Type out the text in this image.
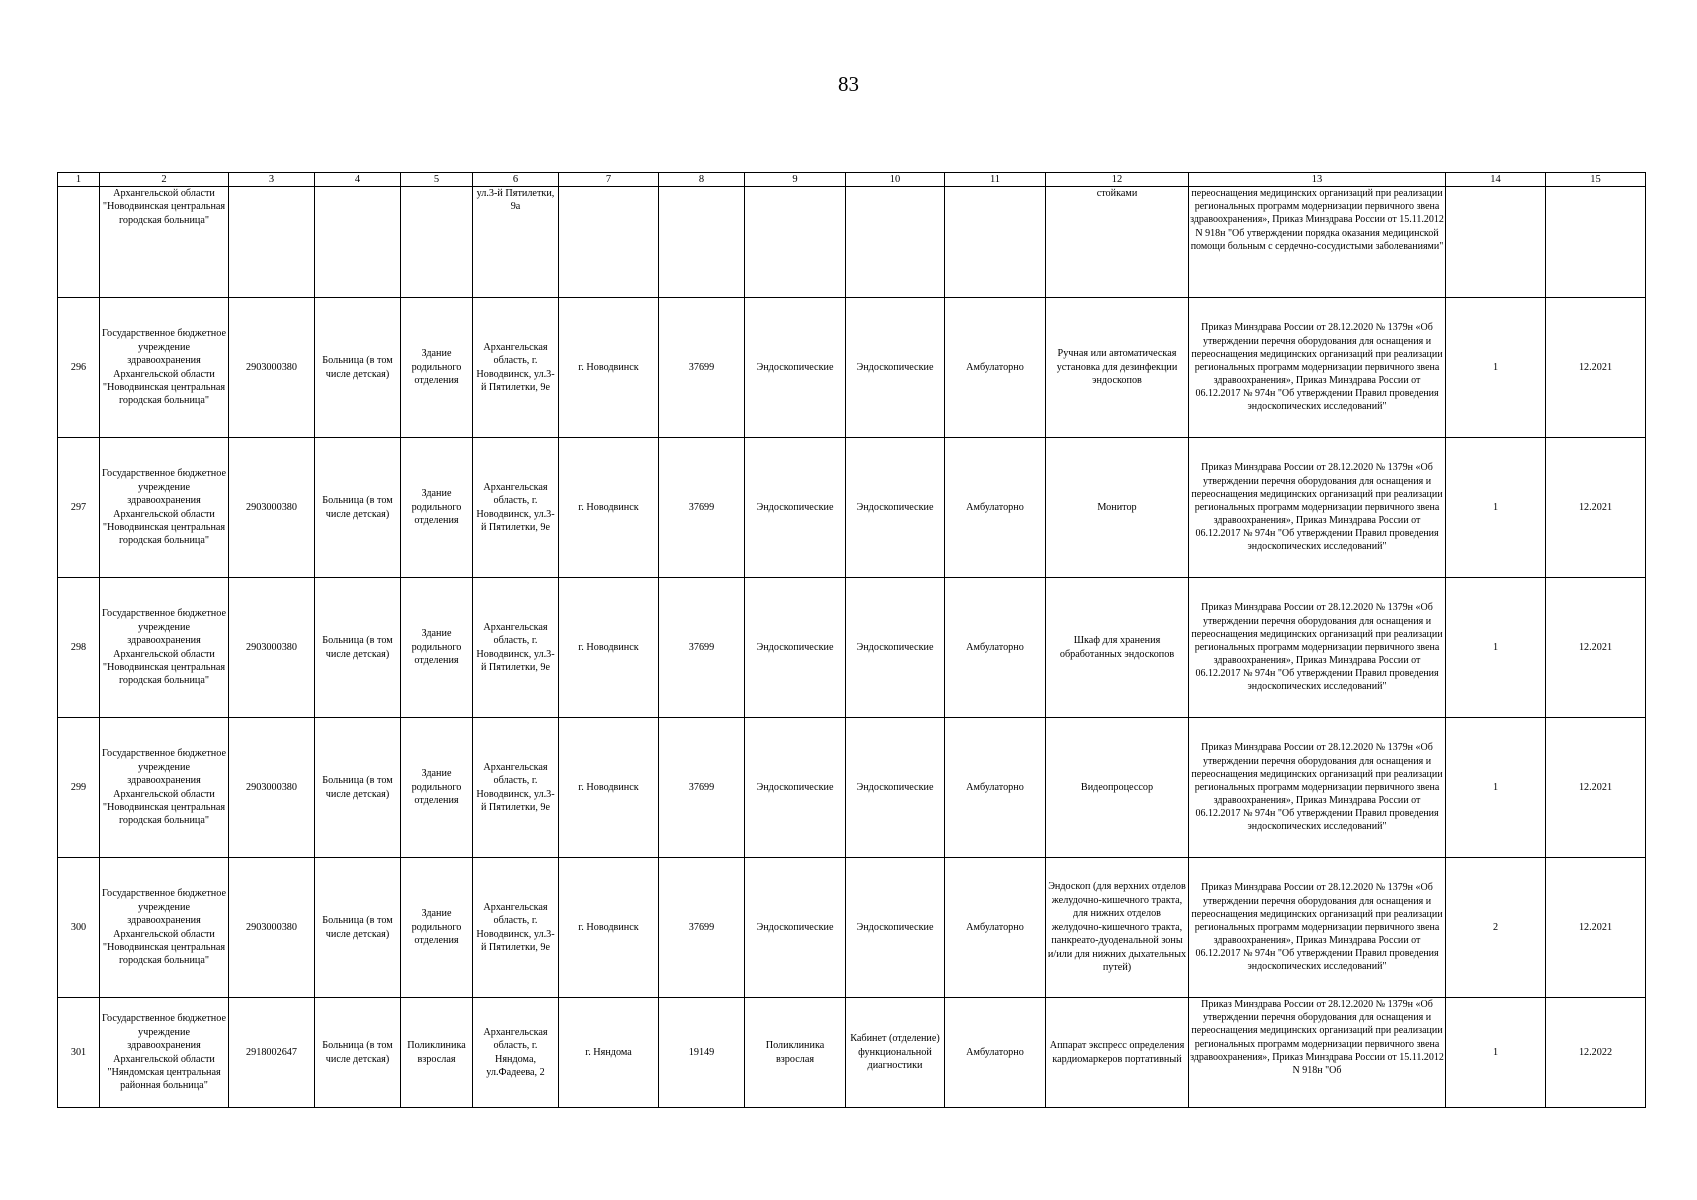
83
1	2	3	4	5	6	7	8	9	10	11	12	13	14	15
	Архангельской области "Новодвинская центральная городская больница"				ул.3-й Пятилетки, 9а						стойками	переоснащения медицинских организаций при реализации региональных программ модернизации первичного звена здравоохранения», Приказ Минздрава России от 15.11.2012 N 918н "Об утверждении порядка оказания медицинской помощи больным с сердечно-сосудистыми заболеваниями"		
296	Государственное бюджетное учреждение здравоохранения Архангельской области "Новодвинская центральная городская больница"	2903000380	Больница (в том числе детская)	Здание родильного отделения	Архангельская область, г. Новодвинск, ул.3-й Пятилетки, 9е	г. Новодвинск	37699	Эндоскопические	Эндоскопические	Амбулаторно	Ручная или автоматическая установка для дезинфекции эндоскопов	Приказ Минздрава России от 28.12.2020 № 1379н «Об утверждении перечня оборудования для оснащения и переоснащения медицинских организаций при реализации региональных программ модернизации первичного звена здравоохранения», Приказ Минздрава России от 06.12.2017 № 974н "Об утверждении Правил проведения эндоскопических исследований"	1	12.2021
297	Государственное бюджетное учреждение здравоохранения Архангельской области "Новодвинская центральная городская больница"	2903000380	Больница (в том числе детская)	Здание родильного отделения	Архангельская область, г. Новодвинск, ул.3-й Пятилетки, 9е	г. Новодвинск	37699	Эндоскопические	Эндоскопические	Амбулаторно	Монитор	Приказ Минздрава России от 28.12.2020 № 1379н «Об утверждении перечня оборудования для оснащения и переоснащения медицинских организаций при реализации региональных программ модернизации первичного звена здравоохранения», Приказ Минздрава России от 06.12.2017 № 974н "Об утверждении Правил проведения эндоскопических исследований"	1	12.2021
298	Государственное бюджетное учреждение здравоохранения Архангельской области "Новодвинская центральная городская больница"	2903000380	Больница (в том числе детская)	Здание родильного отделения	Архангельская область, г. Новодвинск, ул.3-й Пятилетки, 9е	г. Новодвинск	37699	Эндоскопические	Эндоскопические	Амбулаторно	Шкаф для хранения обработанных эндоскопов	Приказ Минздрава России от 28.12.2020 № 1379н «Об утверждении перечня оборудования для оснащения и переоснащения медицинских организаций при реализации региональных программ модернизации первичного звена здравоохранения», Приказ Минздрава России от 06.12.2017 № 974н "Об утверждении Правил проведения эндоскопических исследований"	1	12.2021
299	Государственное бюджетное учреждение здравоохранения Архангельской области "Новодвинская центральная городская больница"	2903000380	Больница (в том числе детская)	Здание родильного отделения	Архангельская область, г. Новодвинск, ул.3-й Пятилетки, 9е	г. Новодвинск	37699	Эндоскопические	Эндоскопические	Амбулаторно	Видеопроцессор	Приказ Минздрава России от 28.12.2020 № 1379н «Об утверждении перечня оборудования для оснащения и переоснащения медицинских организаций при реализации региональных программ модернизации первичного звена здравоохранения», Приказ Минздрава России от 06.12.2017 № 974н "Об утверждении Правил проведения эндоскопических исследований"	1	12.2021
300	Государственное бюджетное учреждение здравоохранения Архангельской области "Новодвинская центральная городская больница"	2903000380	Больница (в том числе детская)	Здание родильного отделения	Архангельская область, г. Новодвинск, ул.3-й Пятилетки, 9е	г. Новодвинск	37699	Эндоскопические	Эндоскопические	Амбулаторно	Эндоскоп (для верхних отделов желудочно-кишечного тракта, для нижних отделов желудочно-кишечного тракта, панкреато-дуоденальной зоны и/или для нижних дыхательных путей)	Приказ Минздрава России от 28.12.2020 № 1379н «Об утверждении перечня оборудования для оснащения и переоснащения медицинских организаций при реализации региональных программ модернизации первичного звена здравоохранения», Приказ Минздрава России от 06.12.2017 № 974н "Об утверждении Правил проведения эндоскопических исследований"	2	12.2021
301	Государственное бюджетное учреждение здравоохранения Архангельской области "Няндомская центральная районная больница"	2918002647	Больница (в том числе детская)	Поликлиника взрослая	Архангельская область, г. Няндома, ул.Фадеева, 2	г. Няндома	19149	Поликлиника взрослая	Кабинет (отделение) функциональной диагностики	Амбулаторно	Аппарат экспресс определения кардиомаркеров портативный	Приказ Минздрава России от 28.12.2020 № 1379н «Об утверждении перечня оборудования для оснащения и переоснащения медицинских организаций при реализации региональных программ модернизации первичного звена здравоохранения», Приказ Минздрава России от 15.11.2012 N 918н "Об	1	12.2022
